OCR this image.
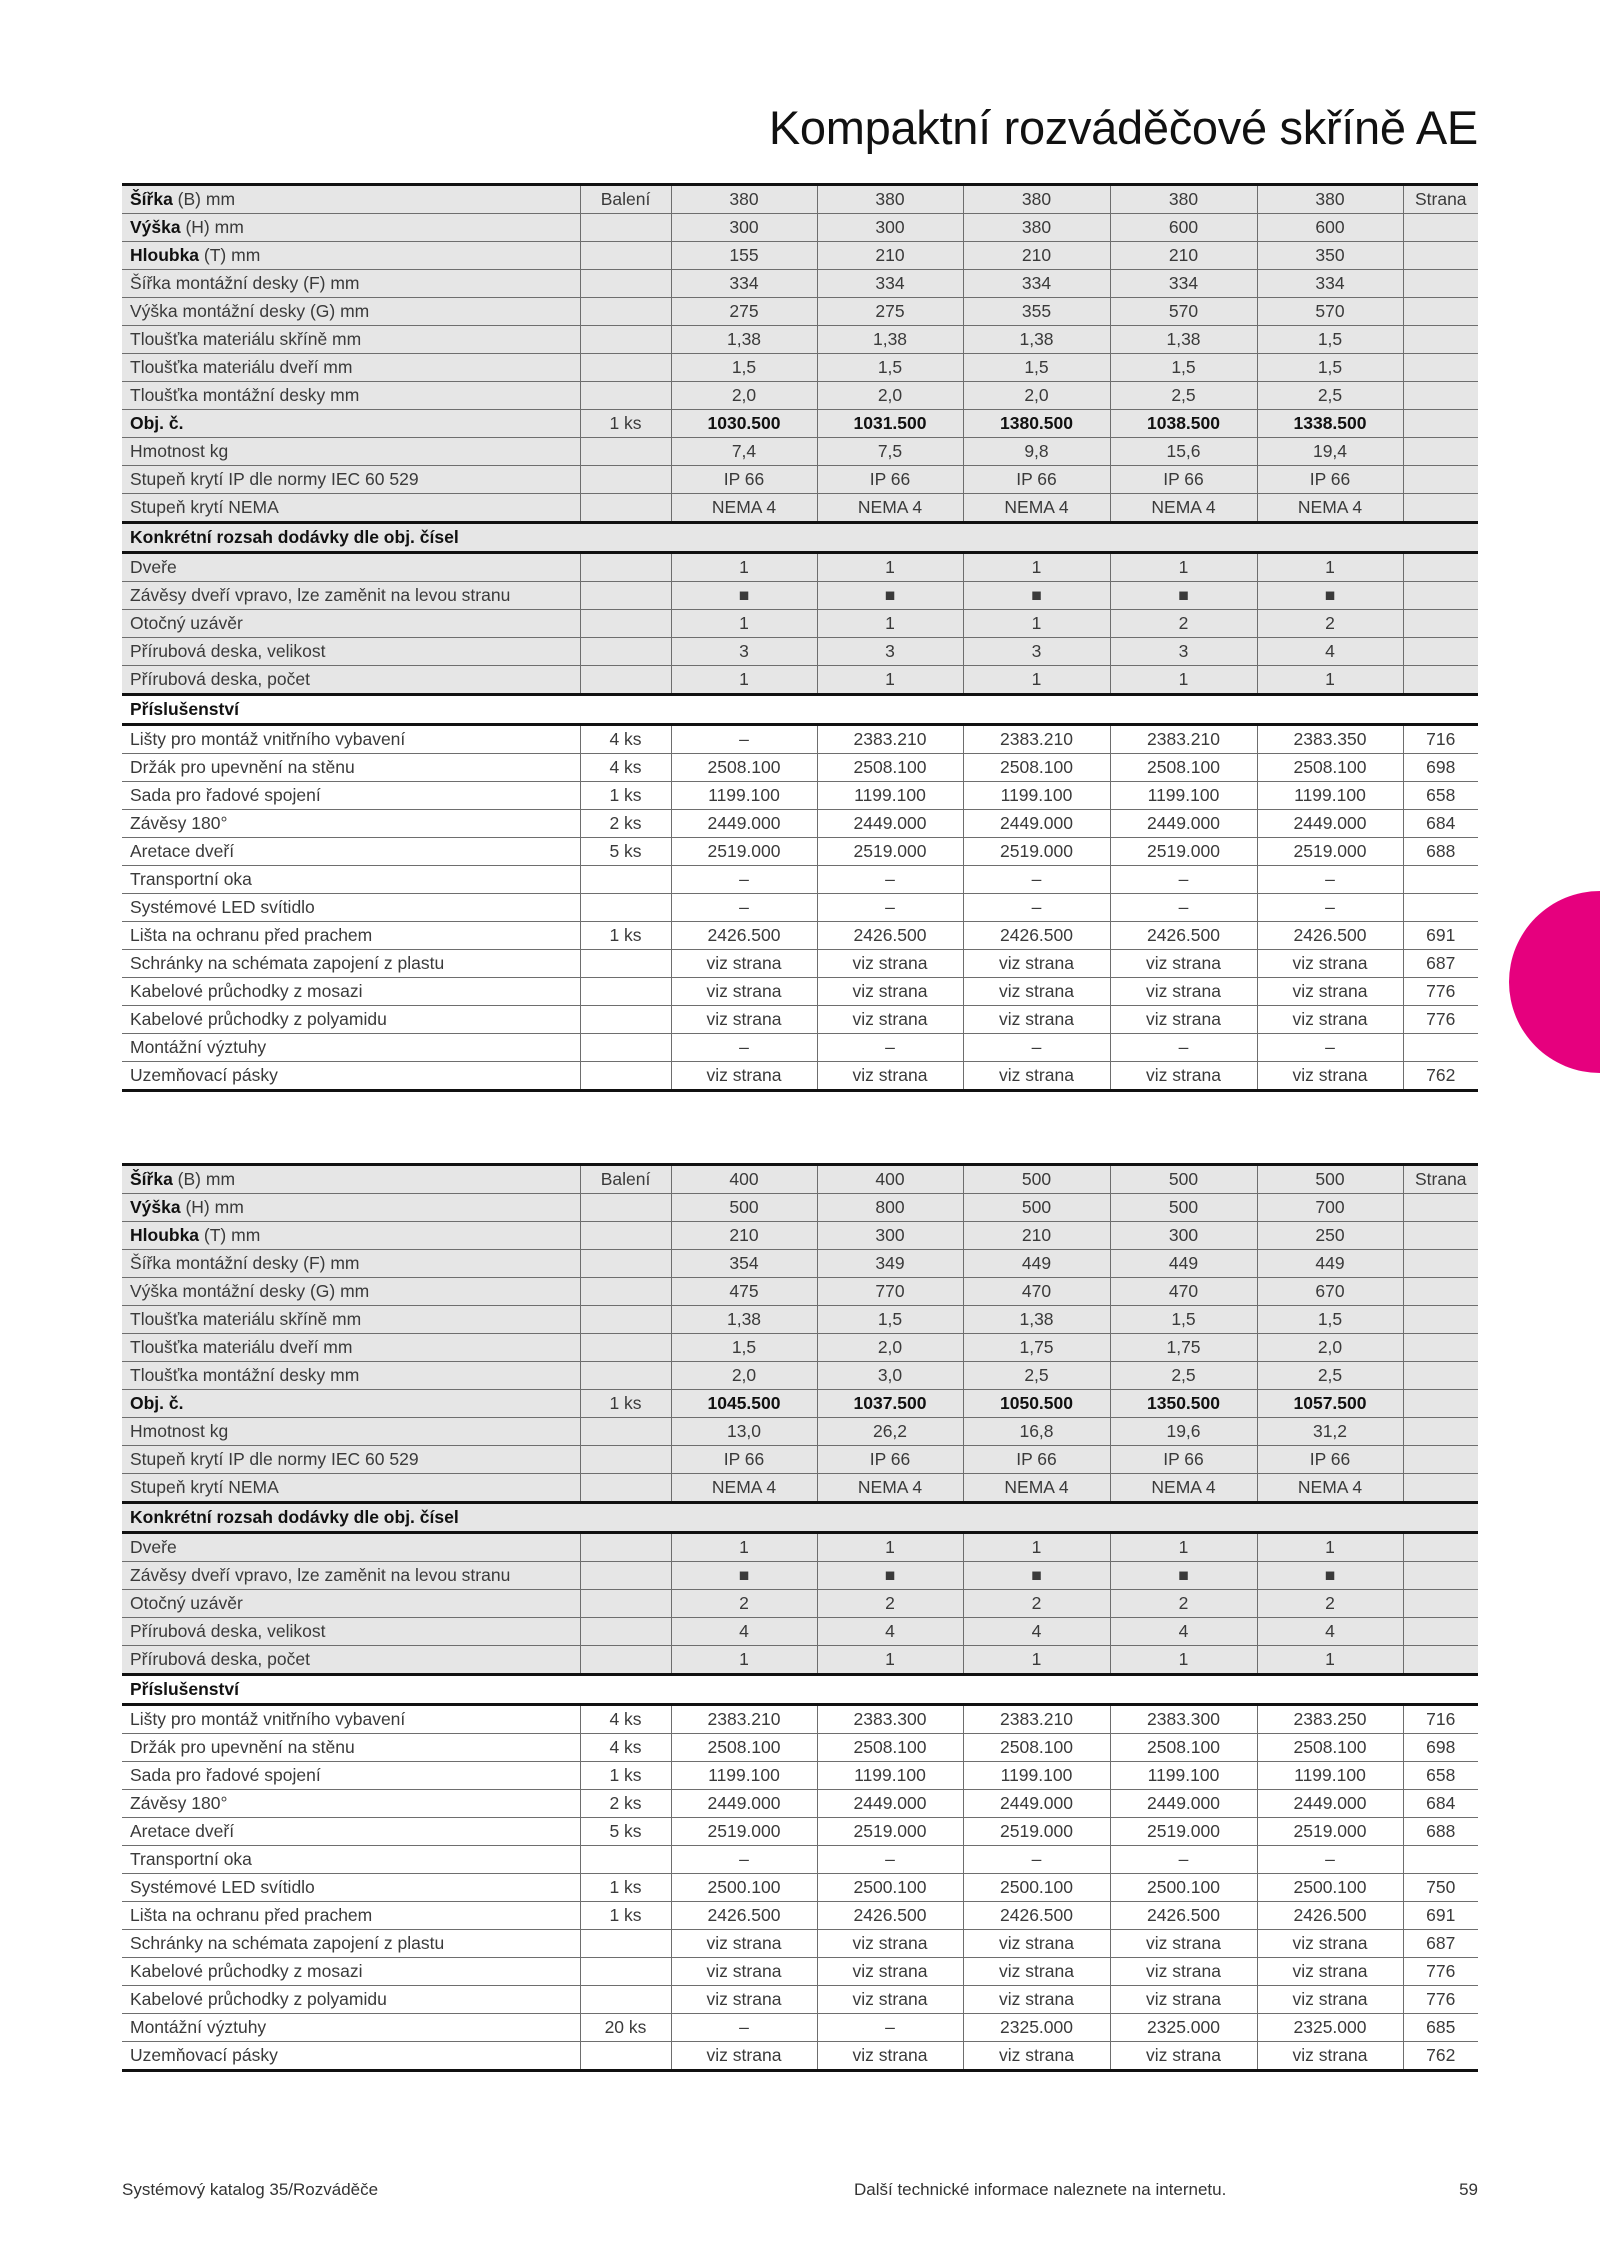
Kompaktní rozváděčové skříně AE
Šířka (B) mm	Balení	380	380	380	380	380	Strana
Výška (H) mm		300	300	380	600	600	
Hloubka (T) mm		155	210	210	210	350	
Šířka montážní desky (F) mm		334	334	334	334	334	
Výška montážní desky (G) mm		275	275	355	570	570	
Tloušťka materiálu skříně mm		1,38	1,38	1,38	1,38	1,5	
Tloušťka materiálu dveří mm		1,5	1,5	1,5	1,5	1,5	
Tloušťka montážní desky mm		2,0	2,0	2,0	2,5	2,5	
Obj. č.	1 ks	1030.500	1031.500	1380.500	1038.500	1338.500	
Hmotnost kg		7,4	7,5	9,8	15,6	19,4	
Stupeň krytí IP dle normy IEC 60 529		IP 66	IP 66	IP 66	IP 66	IP 66	
Stupeň krytí NEMA		NEMA 4	NEMA 4	NEMA 4	NEMA 4	NEMA 4	
Konkrétní rozsah dodávky dle obj. čísel							
Dveře		1	1	1	1	1	
Závěsy dveří vpravo, lze zaměnit na levou stranu		■	■	■	■	■	
Otočný uzávěr		1	1	1	2	2	
Přírubová deska, velikost		3	3	3	3	4	
Přírubová deska, počet		1	1	1	1	1	
Příslušenství							
Lišty pro montáž vnitřního vybavení	4 ks	–	2383.210	2383.210	2383.210	2383.350	716
Držák pro upevnění na stěnu	4 ks	2508.100	2508.100	2508.100	2508.100	2508.100	698
Sada pro řadové spojení	1 ks	1199.100	1199.100	1199.100	1199.100	1199.100	658
Závěsy 180°	2 ks	2449.000	2449.000	2449.000	2449.000	2449.000	684
Aretace dveří	5 ks	2519.000	2519.000	2519.000	2519.000	2519.000	688
Transportní oka		–	–	–	–	–	
Systémové LED svítidlo		–	–	–	–	–	
Lišta na ochranu před prachem	1 ks	2426.500	2426.500	2426.500	2426.500	2426.500	691
Schránky na schémata zapojení z plastu		viz strana	viz strana	viz strana	viz strana	viz strana	687
Kabelové průchodky z mosazi		viz strana	viz strana	viz strana	viz strana	viz strana	776
Kabelové průchodky z polyamidu		viz strana	viz strana	viz strana	viz strana	viz strana	776
Montážní výztuhy		–	–	–	–	–	
Uzemňovací pásky		viz strana	viz strana	viz strana	viz strana	viz strana	762
Šířka (B) mm	Balení	400	400	500	500	500	Strana
Výška (H) mm		500	800	500	500	700	
Hloubka (T) mm		210	300	210	300	250	
Šířka montážní desky (F) mm		354	349	449	449	449	
Výška montážní desky (G) mm		475	770	470	470	670	
Tloušťka materiálu skříně mm		1,38	1,5	1,38	1,5	1,5	
Tloušťka materiálu dveří mm		1,5	2,0	1,75	1,75	2,0	
Tloušťka montážní desky mm		2,0	3,0	2,5	2,5	2,5	
Obj. č.	1 ks	1045.500	1037.500	1050.500	1350.500	1057.500	
Hmotnost kg		13,0	26,2	16,8	19,6	31,2	
Stupeň krytí IP dle normy IEC 60 529		IP 66	IP 66	IP 66	IP 66	IP 66	
Stupeň krytí NEMA		NEMA 4	NEMA 4	NEMA 4	NEMA 4	NEMA 4	
Konkrétní rozsah dodávky dle obj. čísel							
Dveře		1	1	1	1	1	
Závěsy dveří vpravo, lze zaměnit na levou stranu		■	■	■	■	■	
Otočný uzávěr		2	2	2	2	2	
Přírubová deska, velikost		4	4	4	4	4	
Přírubová deska, počet		1	1	1	1	1	
Příslušenství							
Lišty pro montáž vnitřního vybavení	4 ks	2383.210	2383.300	2383.210	2383.300	2383.250	716
Držák pro upevnění na stěnu	4 ks	2508.100	2508.100	2508.100	2508.100	2508.100	698
Sada pro řadové spojení	1 ks	1199.100	1199.100	1199.100	1199.100	1199.100	658
Závěsy 180°	2 ks	2449.000	2449.000	2449.000	2449.000	2449.000	684
Aretace dveří	5 ks	2519.000	2519.000	2519.000	2519.000	2519.000	688
Transportní oka		–	–	–	–	–	
Systémové LED svítidlo	1 ks	2500.100	2500.100	2500.100	2500.100	2500.100	750
Lišta na ochranu před prachem	1 ks	2426.500	2426.500	2426.500	2426.500	2426.500	691
Schránky na schémata zapojení z plastu		viz strana	viz strana	viz strana	viz strana	viz strana	687
Kabelové průchodky z mosazi		viz strana	viz strana	viz strana	viz strana	viz strana	776
Kabelové průchodky z polyamidu		viz strana	viz strana	viz strana	viz strana	viz strana	776
Montážní výztuhy	20 ks	–	–	2325.000	2325.000	2325.000	685
Uzemňovací pásky		viz strana	viz strana	viz strana	viz strana	viz strana	762
Systémový katalog 35/Rozváděče	Další technické informace naleznete na internetu.	59
